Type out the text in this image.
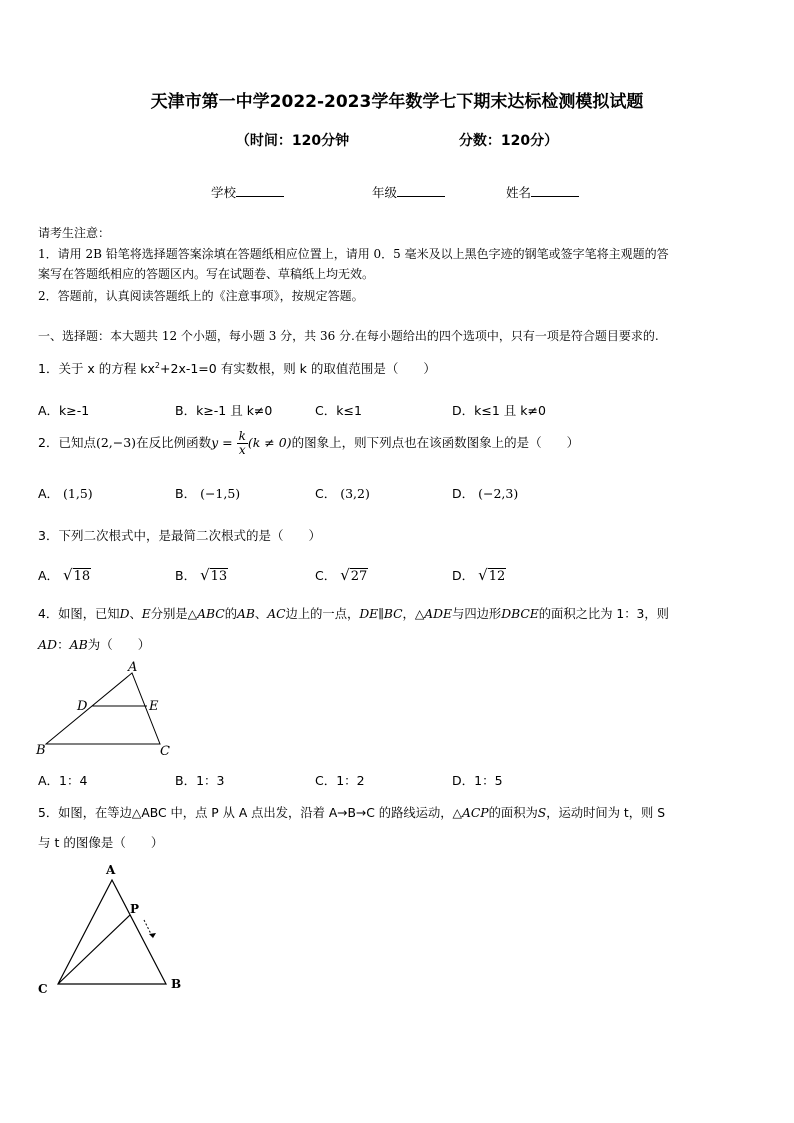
天津市第一中学2022-2023学年数学七下期末达标检测模拟试题
（时间：120分钟	分数：120分）
学校	年级	姓名
请考生注意：
1．请用 2B 铅笔将选择题答案涂填在答题纸相应位置上，请用 0．5 毫米及以上黑色字迹的钢笔或签字笔将主观题的答
案写在答题纸相应的答题区内。写在试题卷、草稿纸上均无效。
2．答题前，认真阅读答题纸上的《注意事项》，按规定答题。
一、选择题：本大题共 12 个小题，每小题 3 分，共 36 分.在每小题给出的四个选项中，只有一项是符合题目要求的.
1．关于 x 的方程 $kx^2+2x-1=0$ 有实数根，则 k 的取值范围是（　　）
A．k≥-1	B．k≥-1 且 k≠0	C．k≤1	D．k≤1 且 k≠0
2．已知点(2,−3)在反比例函数$y = \frac{k}{x} (k \ne 0)$的图象上，则下列点也在该函数图象上的是（　　）
A． (1,5)	B． (−1,5)	C． (3,2)	D． (−2,3)
3．下列二次根式中，是最简二次根式的是（　　）
A． √18	B． √13	C． √27	D． √12
4．如图，已知D、E分别是△ABC的AB、AC边上的一点，DE∥BC，△ADE与四边形DBCE的面积之比为 1：3，则
AD：AB为（　　）
A
D	E
B	C
A．1：4	B．1：3	C．1：2	D．1：5
5．如图，在等边△ABC 中，点 P 从 A 点出发，沿着 A→B→C 的路线运动，△ACP的面积为S，运动时间为 t，则 S
与 t 的图像是（　　）
A
P
C	B
